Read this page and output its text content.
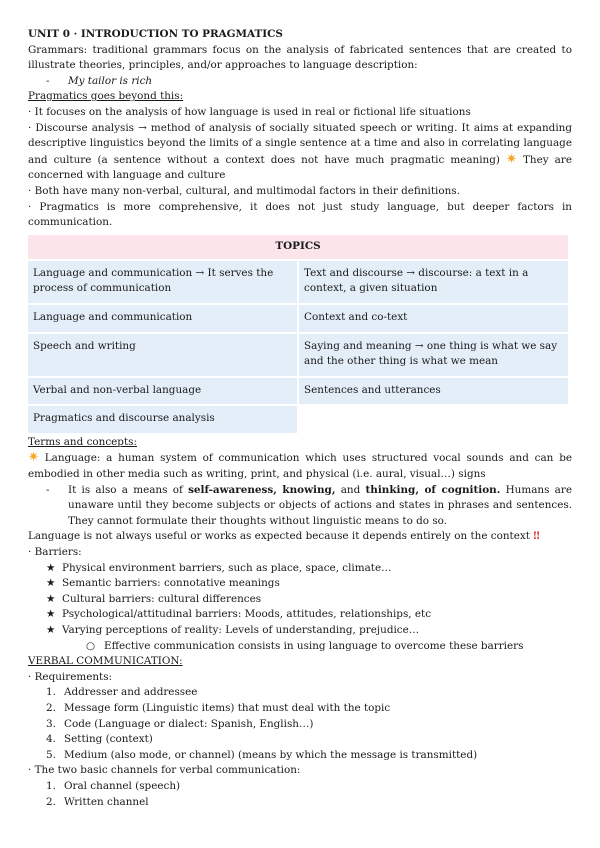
UNIT 0 · INTRODUCTION TO PRAGMATICS

Grammars: traditional grammars focus on the analysis of fabricated sentences that are created to illustrate theories, principles, and/or approaches to language description:

-	My tailor is rich

Pragmatics goes beyond this:

· It focuses on the analysis of how language is used in real or fictional life situations

· Discourse analysis → method of analysis of socially situated speech or writing. It aims at expanding descriptive linguistics beyond the limits of a single sentence at a time and also in correlating language and culture (a sentence without a context does not have much pragmatic meaning) ✷ They are concerned with language and culture

· Both have many non-verbal, cultural, and multimodal factors in their definitions.

· Pragmatics is more comprehensive, it does not just study language, but deeper factors in communication.

TOPICS	
Language and communication → It serves the process of communication	Text and discourse → discourse: a text in a context, a given situation
Language and communication	Context and co-text
Speech and writing	Saying and meaning → one thing is what we say and the other thing is what we mean
Verbal and non-verbal language	Sentences and utterances
Pragmatics and discourse analysis	

Terms and concepts:

✷ Language: a human system of communication which uses structured vocal sounds and can be embodied in other media such as writing, print, and physical (i.e. aural, visual…) signs

-	It is also a means of self-awareness, knowing, and thinking, of cognition. Humans are unaware until they become subjects or objects of actions and states in phrases and sentences. They cannot formulate their thoughts without linguistic means to do so.

Language is not always useful or works as expected because it depends entirely on the context ‼

· Barriers:

★ Physical environment barriers, such as place, space, climate…
★ Semantic barriers: connotative meanings
★ Cultural barriers: cultural differences
★ Psychological/attitudinal barriers: Moods, attitudes, relationships, etc
★ Varying perceptions of reality: Levels of understanding, prejudice…
○ Effective communication consists in using language to overcome these barriers

VERBAL COMMUNICATION:

· Requirements:

1. Addresser and addressee
2. Message form (Linguistic items) that must deal with the topic
3. Code (Language or dialect: Spanish, English…)
4. Setting (context)
5. Medium (also mode, or channel) (means by which the message is transmitted)

· The two basic channels for verbal communication:

1. Oral channel (speech)
2. Written channel
